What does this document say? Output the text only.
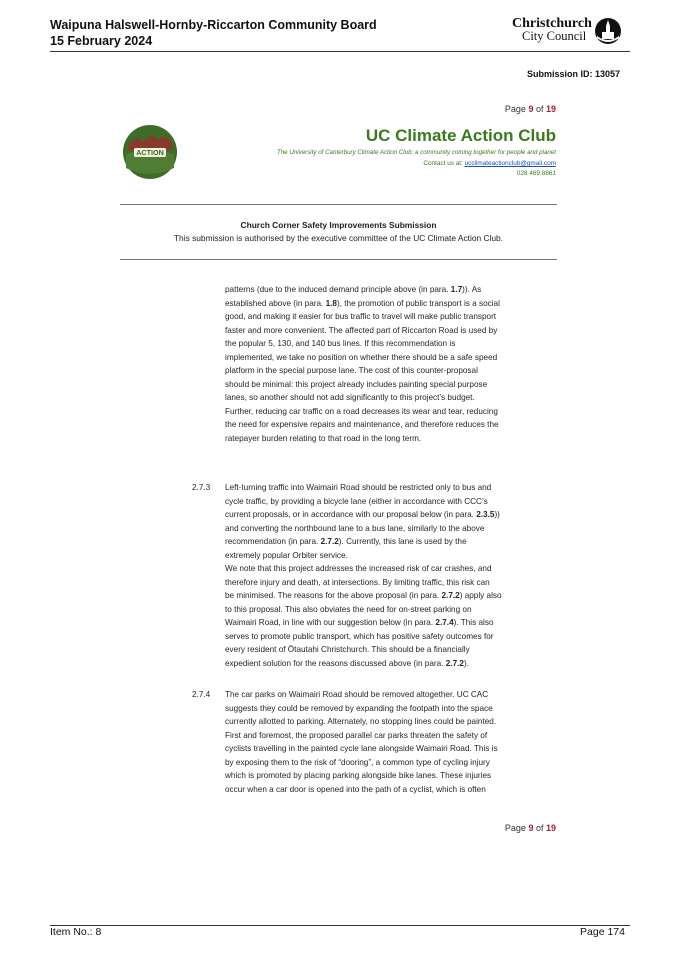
Waipuna Halswell-Hornby-Riccarton Community Board
15 February 2024
Christchurch
City Council
Submission ID: 13057
Page 9 of 19
ACTION
UC Climate Action Club
The University of Canterbury Climate Action Club: a community coming together for people and planet
Contact us at: ucclimateactionclub@gmail.com
028 469 8861
Church Corner Safety Improvements Submission
This submission is authorised by the executive committee of the UC Climate Action Club.

patterns (due to the induced demand principle above (in para. 1.7)). As

established above (in para. 1.8), the promotion of public transport is a social

good, and making it easier for bus traffic to travel will make public transport

faster and more convenient. The affected part of Riccarton Road is used by

the popular 5, 130, and 140 bus lines. If this recommendation is

implemented, we take no position on whether there should be a safe speed

platform in the special purpose lane. The cost of this counter-proposal

should be minimal: this project already includes painting special purpose

lanes, so another should not add significantly to this project’s budget.

Further, reducing car traffic on a road decreases its wear and tear, reducing

the need for expensive repairs and maintenance, and therefore reduces the

ratepayer burden relating to that road in the long term.

2.7.3 Left-turning traffic into Waimairi Road should be restricted only to bus and

cycle traffic, by providing a bicycle lane (either in accordance with CCC’s

current proposals, or in accordance with our proposal below (in para. 2.3.5))

and converting the northbound lane to a bus lane, similarly to the above

recommendation (in para. 2.7.2). Currently, this lane is used by the

extremely popular Orbiter service.

We note that this project addresses the increased risk of car crashes, and

therefore injury and death, at intersections. By limiting traffic, this risk can

be minimised. The reasons for the above proposal (in para. 2.7.2) apply also

to this proposal. This also obviates the need for on-street parking on

Waimairi Road, in line with our suggestion below (in para. 2.7.4). This also

serves to promote public transport, which has positive safety outcomes for

every resident of Ōtautahi Christchurch. This should be a financially

expedient solution for the reasons discussed above (in para. 2.7.2).

2.7.4 The car parks on Waimairi Road should be removed altogether. UC CAC

suggests they could be removed by expanding the footpath into the space

currently allotted to parking. Alternately, no stopping lines could be painted.

First and foremost, the proposed parallel car parks threaten the safety of

cyclists travelling in the painted cycle lane alongside Waimairi Road. This is

by exposing them to the risk of “dooring”, a common type of cycling injury

which is promoted by placing parking alongside bike lanes. These injuries

occur when a car door is opened into the path of a cyclist, which is often

Page 9 of 19
Item No.: 8	Page 174
